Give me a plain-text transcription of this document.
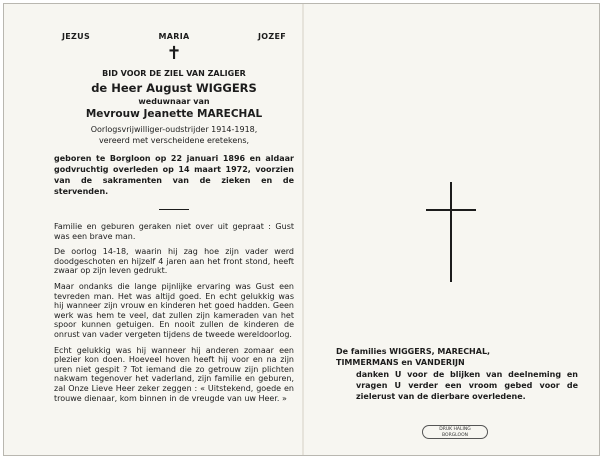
JEZUS	MARIA	JOZEF
✝
BID VOOR DE ZIEL VAN ZALIGER
de Heer August WIGGERS
weduwnaar van
Mevrouw Jeanette MARECHAL
Oorlogsvrijwilliger-oudstrijder 1914-1918,
vereerd met verscheidene eretekens,
geboren te Borgloon op 22 januari 1896 en aldaar godvruchtig overleden op 14 maart 1972, voorzien van de sakramenten van de zieken en de stervenden.

Familie en geburen geraken niet over uit gepraat : Gust was een brave man.

De oorlog 14-18, waarin hij zag hoe zijn vader werd doodgeschoten en hijzelf 4 jaren aan het front stond, heeft zwaar op zijn leven gedrukt.

Maar ondanks die lange pijnlijke ervaring was Gust een tevreden man. Het was altijd goed. En echt gelukkig was hij wanneer zijn vrouw en kinderen het goed hadden. Geen werk was hem te veel, dat zullen zijn kameraden van het spoor kunnen getuigen. En nooit zullen de kinderen de onrust van vader vergeten tijdens de tweede wereldoorlog.

Echt gelukkig was hij wanneer hij anderen zomaar een plezier kon doen. Hoeveel hoven heeft hij voor en na zijn uren niet gespit ? Tot iemand die zo getrouw zijn plichten nakwam tegenover het vaderland, zijn familie en geburen, zal Onze Lieve Heer zeker zeggen : « Uitstekend, goede en trouwe dienaar, kom binnen in de vreugde van uw Heer. »

De families WIGGERS, MARECHAL,
TIMMERMANS en VANDERIJN
danken U voor de blijken van deelneming en vragen U verder een vroom gebed voor de zielerust van de dierbare overledene.
DRUK HALING
BORGLOON
